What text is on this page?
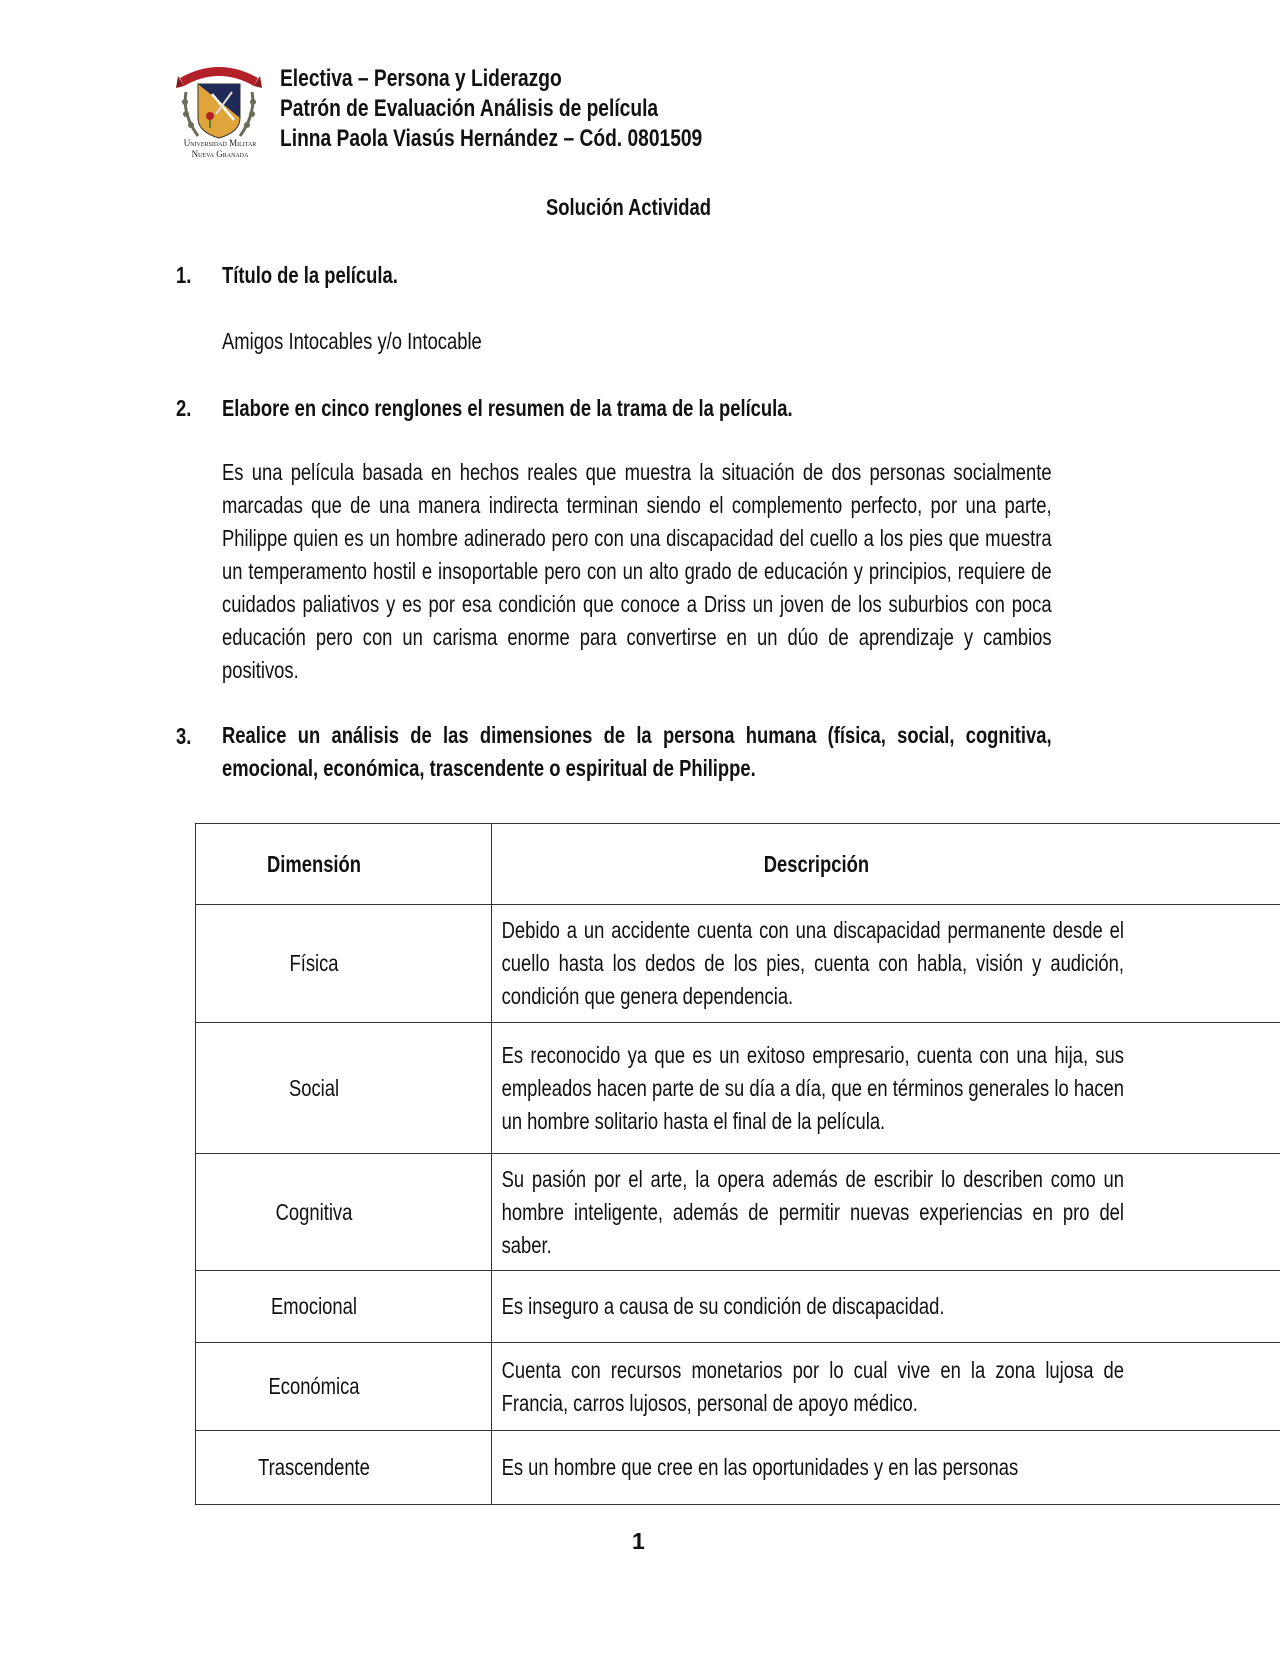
Universidad Militar
Nueva Granada
Electiva – Persona y Liderazgo
Patrón de Evaluación Análisis de película
Linna Paola Viasús Hernández – Cód. 0801509
Solución Actividad
1. Título de la película.
Amigos Intocables y/o Intocable
2. Elabore en cinco renglones el resumen de la trama de la película.
Es una película basada en hechos reales que muestra la situación de dos personas socialmente marcadas que de una manera indirecta terminan siendo el complemento perfecto, por una parte, Philippe quien es un hombre adinerado pero con una discapacidad del cuello a los pies que muestra un temperamento hostil e insoportable pero con un alto grado de educación y principios, requiere de cuidados paliativos y es por esa condición que conoce a Driss un joven de los suburbios con poca educación pero con un carisma enorme para convertirse en un dúo de aprendizaje y cambios positivos.
3. Realice un análisis de las dimensiones de la persona humana (física, social, cognitiva, emocional, económica, trascendente o espiritual de Philippe.
Dimensión	Descripción

Física	Debido a un accidente cuenta con una discapacidad permanente desde el cuello hasta los dedos de los pies, cuenta con habla, visión y audición, condición que genera dependencia.

Social	Es reconocido ya que es un exitoso empresario, cuenta con una hija, sus empleados hacen parte de su día a día, que en términos generales lo hacen un hombre solitario hasta el final de la película.

Cognitiva	Su pasión por el arte, la opera además de escribir lo describen como un hombre inteligente, además de permitir nuevas experiencias en pro del saber.

Emocional	Es inseguro a causa de su condición de discapacidad.

Económica	Cuenta con recursos monetarios por lo cual vive en la zona lujosa de Francia, carros lujosos, personal de apoyo médico.

Trascendente	Es un hombre que cree en las oportunidades y en las personas
1
